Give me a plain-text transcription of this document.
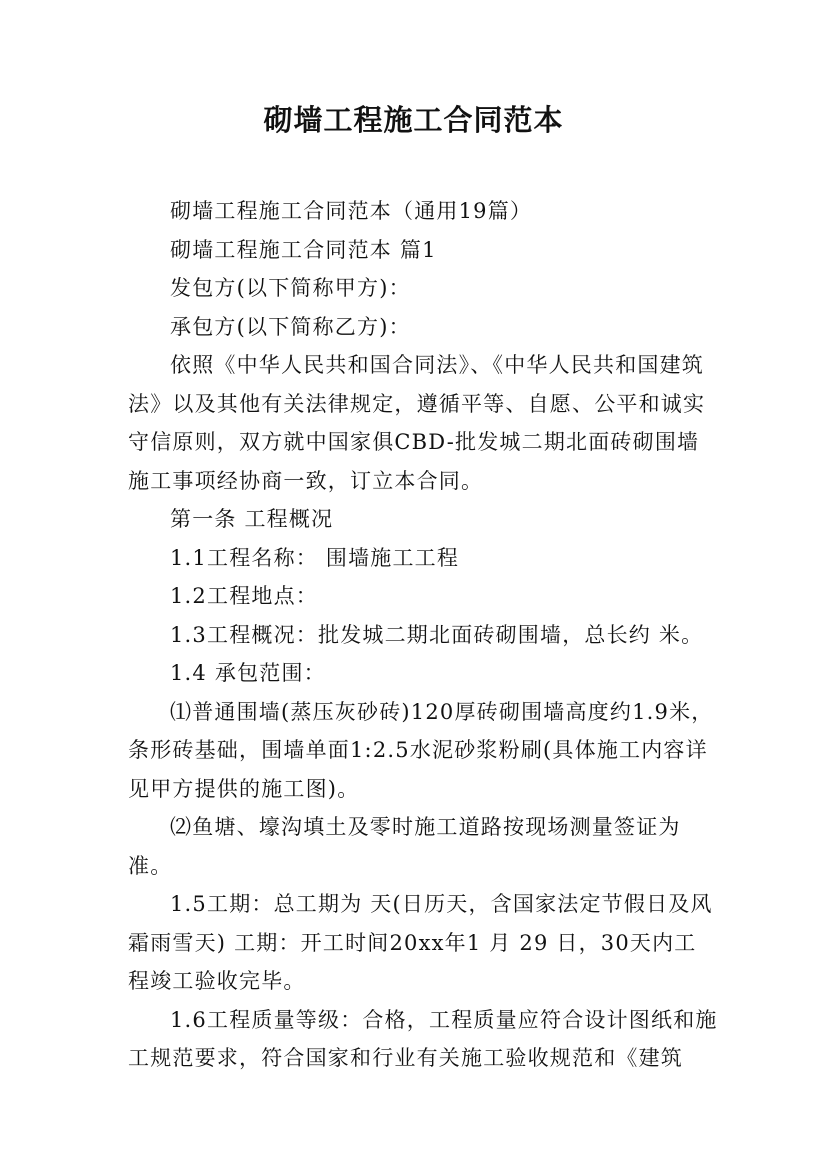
砌墙工程施工合同范本

砌墙工程施工合同范本（通用19篇）

砌墙工程施工合同范本 篇1

发包方(以下简称甲方)：

承包方(以下简称乙方)：

依照《中华人民共和国合同法》、《中华人民共和国建筑法》以及其他有关法律规定，遵循平等、自愿、公平和诚实守信原则，双方就中国家俱CBD-批发城二期北面砖砌围墙施工事项经协商一致，订立本合同。

第一条 工程概况

1.1工程名称： 围墙施工工程

1.2工程地点：

1.3工程概况：批发城二期北面砖砌围墙，总长约 米。

1.4 承包范围：

⑴普通围墙(蒸压灰砂砖)120厚砖砌围墙高度约1.9米，条形砖基础，围墙单面1:2.5水泥砂浆粉刷(具体施工内容详见甲方提供的施工图)。

⑵鱼塘、壕沟填土及零时施工道路按现场测量签证为准。

1.5工期：总工期为 天(日历天，含国家法定节假日及风霜雨雪天) 工期：开工时间20xx年1 月 29 日，30天内工程竣工验收完毕。

1.6工程质量等级：合格，工程质量应符合设计图纸和施工规范要求，符合国家和行业有关施工验收规范和《建筑
